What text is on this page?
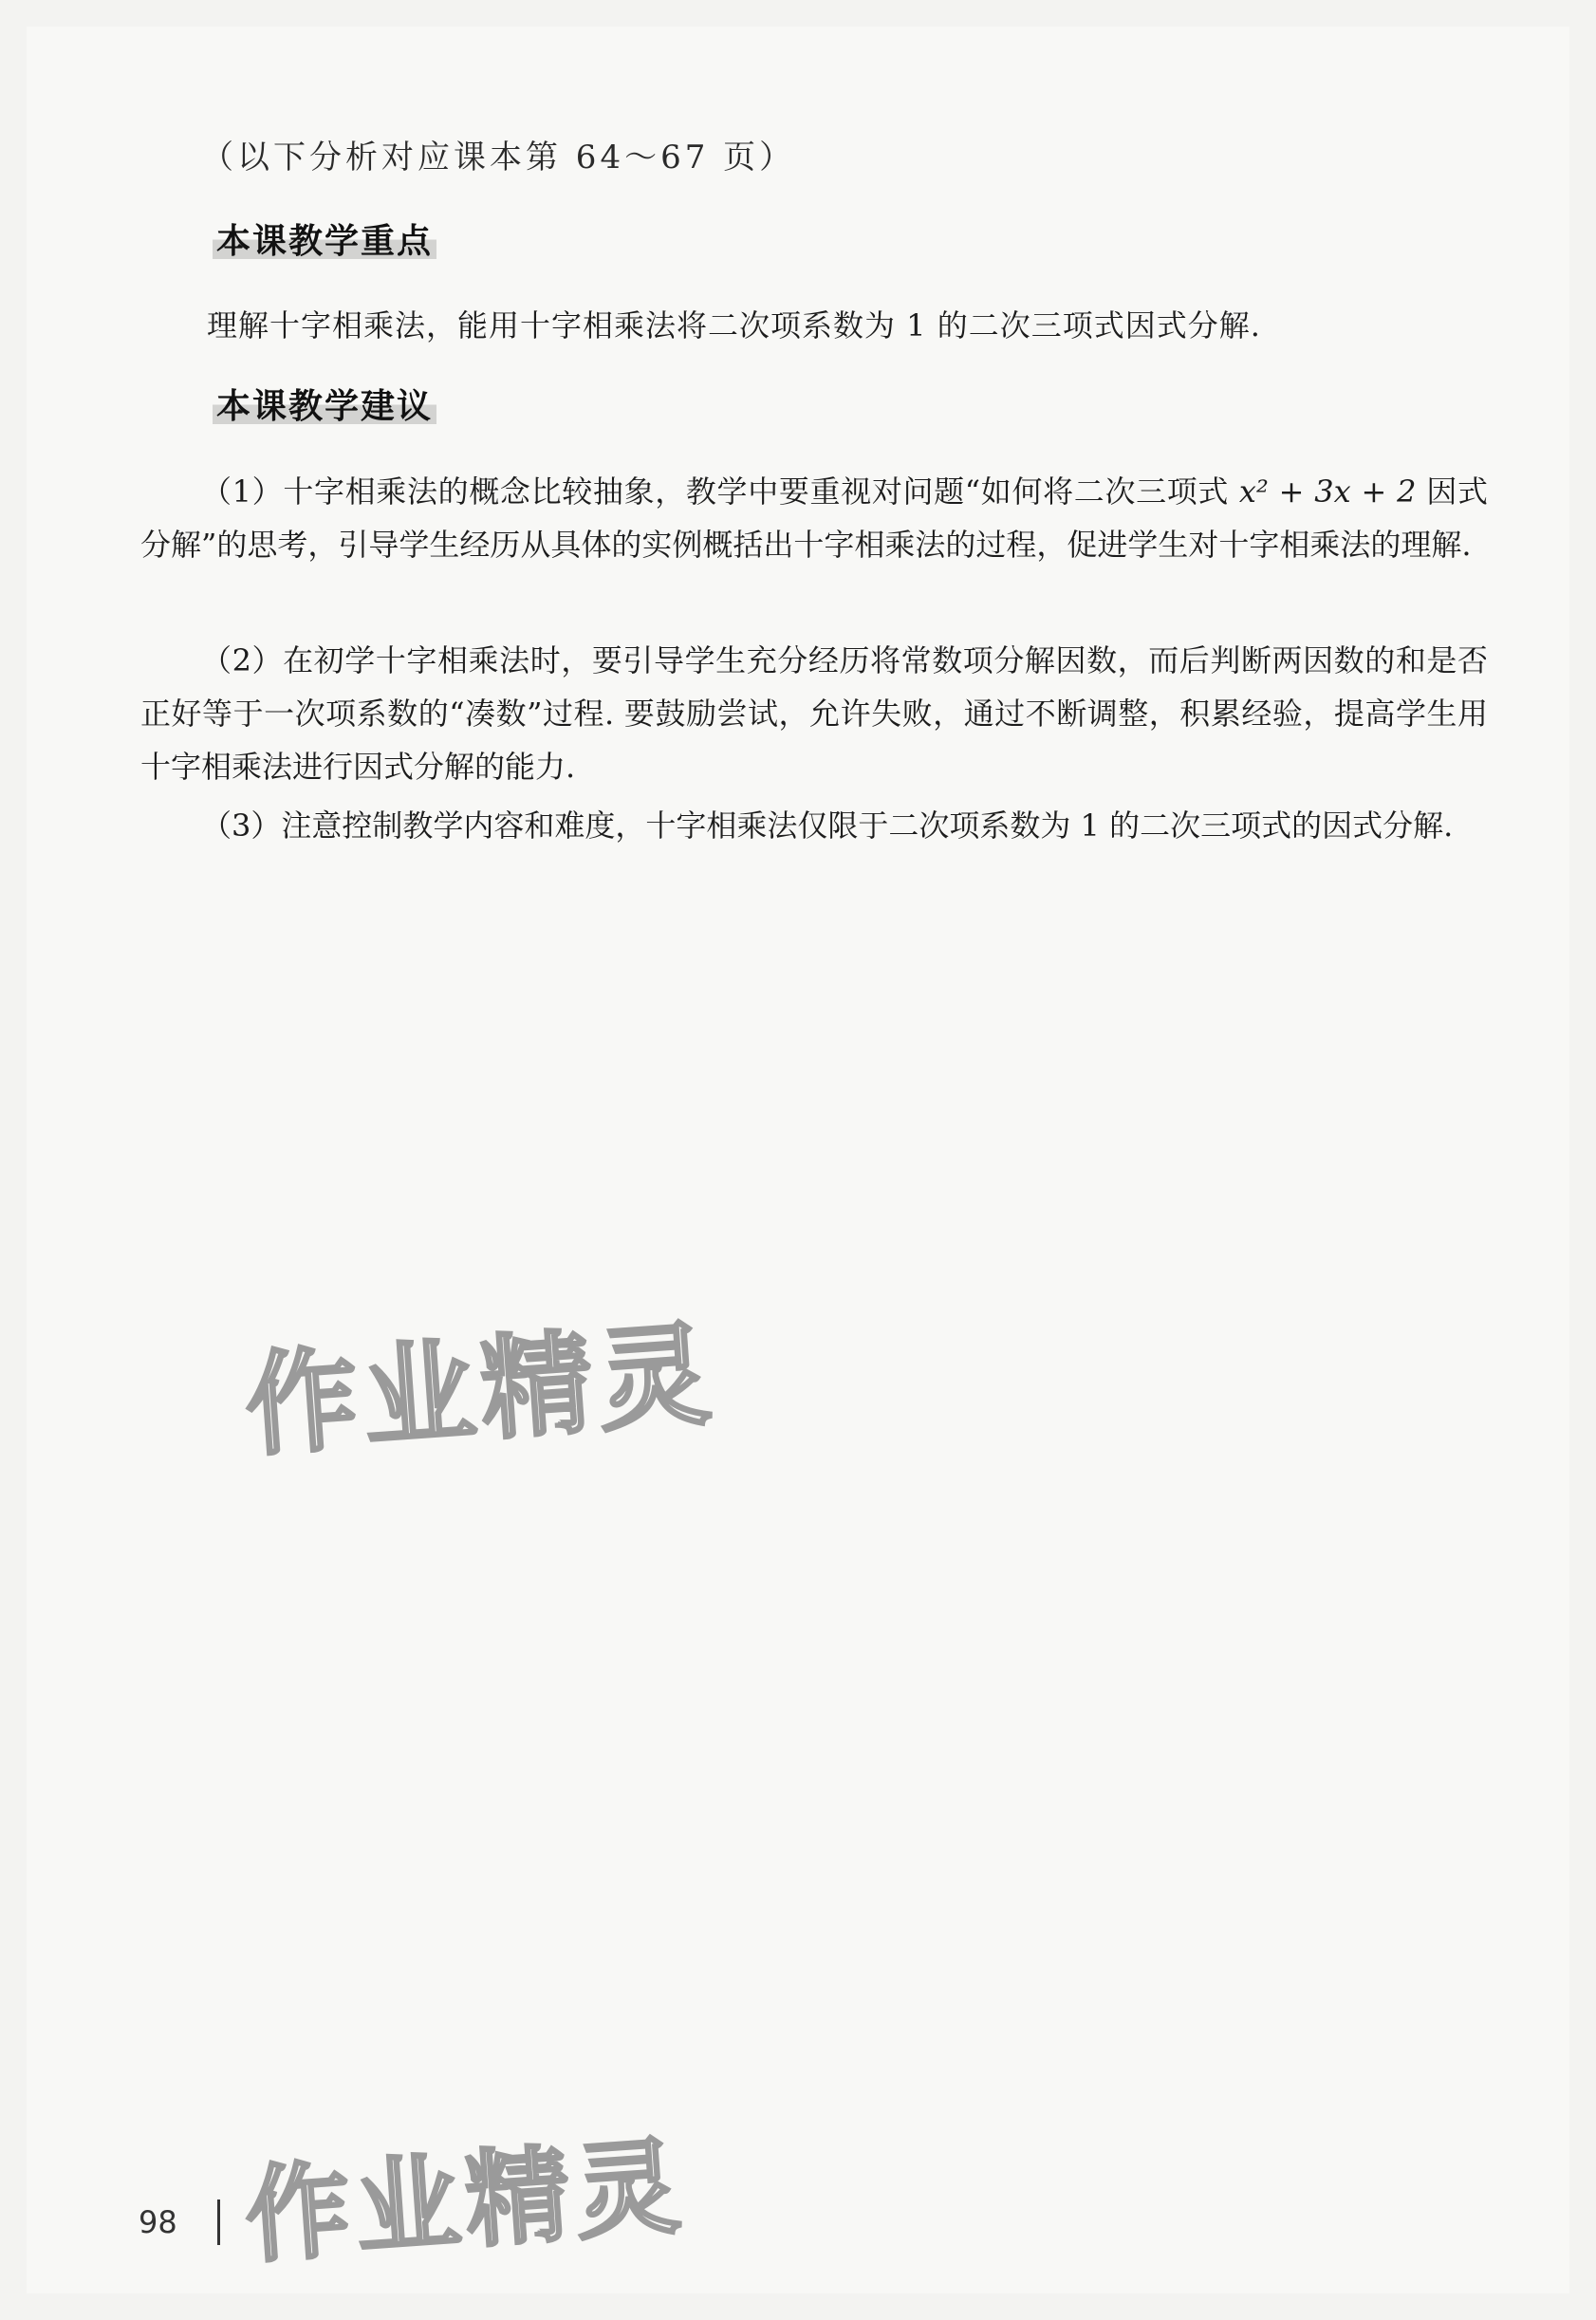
（以下分析对应课本第 64～67 页）
本课教学重点
理解十字相乘法，能用十字相乘法将二次项系数为 1 的二次三项式因式分解.
本课教学建议

（1）十字相乘法的概念比较抽象，教学中要重视对问题“如何将二次三项式 x² + 3x + 2 因式分解”的思考，引导学生经历从具体的实例概括出十字相乘法的过程，促进学生对十字相乘法的理解.

（2）在初学十字相乘法时，要引导学生充分经历将常数项分解因数，而后判断两因数的和是否正好等于一次项系数的“凑数”过程. 要鼓励尝试，允许失败，通过不断调整，积累经验，提高学生用十字相乘法进行因式分解的能力.

（3）注意控制教学内容和难度，十字相乘法仅限于二次项系数为 1 的二次三项式的因式分解.

作业精灵
作业精灵
98
